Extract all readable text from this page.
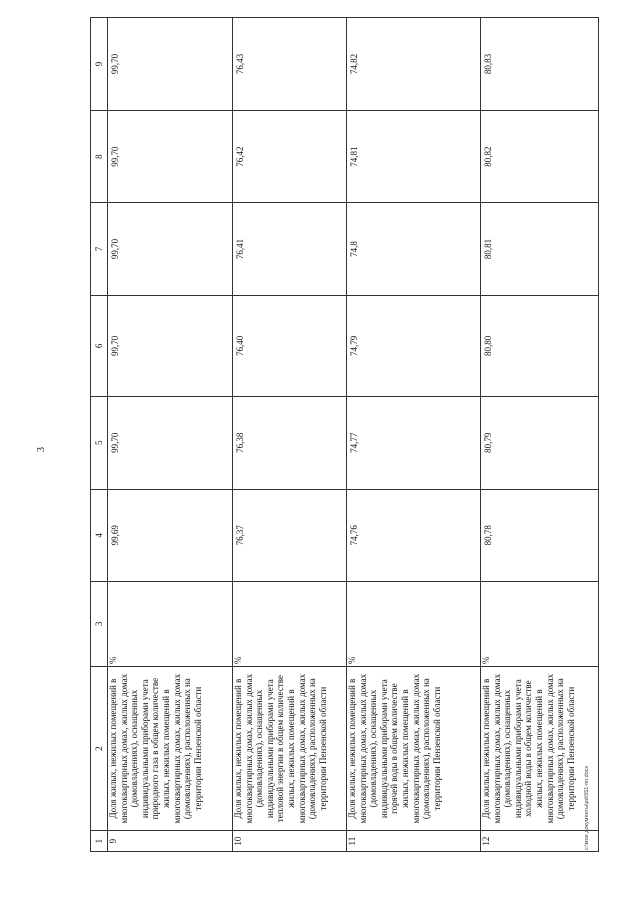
3
1	2	3	4	5	6	7	8	9
9	Доля жилых, нежилых помещений в многоквартирных домах, жилых домах (домовладениях), оснащенных индивидуальными приборами учета природного газа в общем количестве жилых, нежилых помещений в многоквартирных домах, жилых домах (домовладениях), расположенных на территории Пензенской области	%	99,69	99,70	99,70	99,70	99,70	99,70
10	Доля жилых, нежилых помещений в многоквартирных домах, жилых домах (домовладениях), оснащенных индивидуальными приборами учета тепловой энергии в общем количестве жилых, нежилых помещений в многоквартирных домах, жилых домах (домовладениях), расположенных на территории Пензенской области	%	76,37	76,38	76,40	76,41	76,42	76,43
11	Доля жилых, нежилых помещений в многоквартирных домах, жилых домах (домовладениях), оснащенных индивидуальными приборами учета горячей воды в общем количестве жилых, нежилых помещений в многоквартирных домах, жилых домах (домовладениях), расположенных на территории Пензенской области	%	74,76	74,77	74,79	74,8	74,81	74,82
12	Доля жилых, нежилых помещений в многоквартирных домах, жилых домах (домовладениях), оснащенных индивидуальными приборами учета холодной воды в общем количестве жилых, нежилых помещений в многоквартирных домах, жилых домах (домовладениях), расположенных на территории Пензенской области	%	80,78	80,79	80,80	80,81	80,82	80,83
c:\мои документы\pd\551-пп.docx
